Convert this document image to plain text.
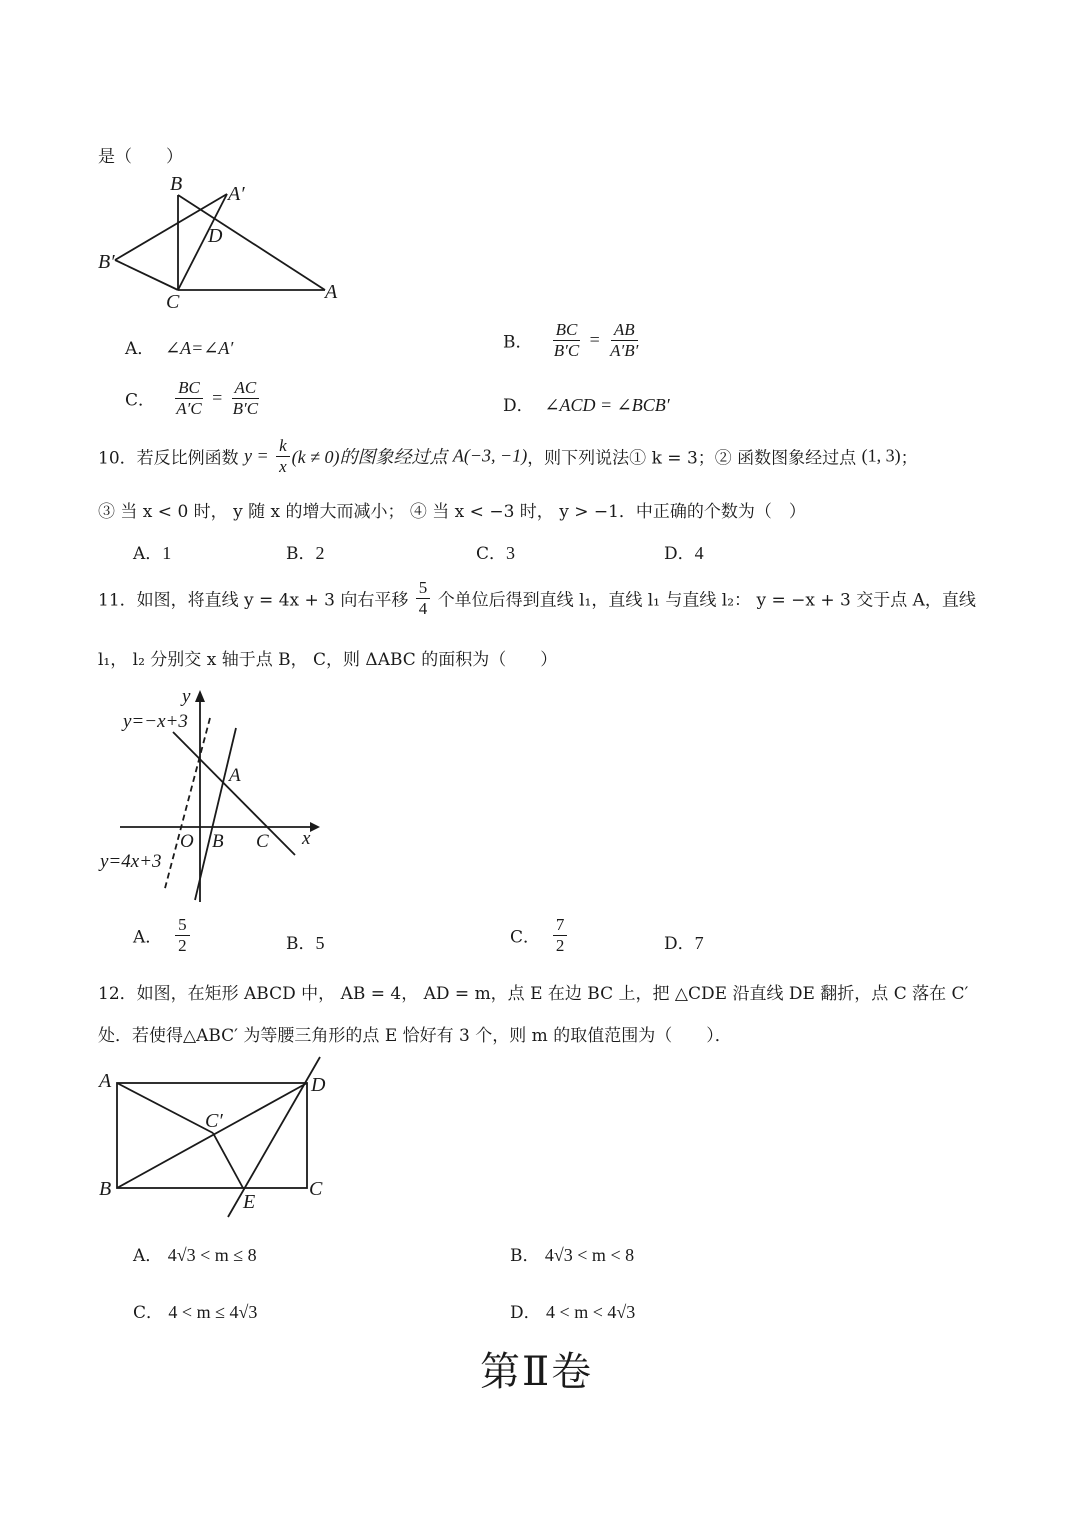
是（　　）
B A′
D
B′
C	A
A． ∠A=∠A′	B． $\frac{BC}{B'C} = \frac{AB}{A'B'}$
C． $\frac{BC}{A'C} = \frac{AC}{B'C}$	D． ∠ACD = ∠BCB′
10．若反比例函数 $y = \frac{k}{x} (k \ne 0)$的图象经过点 A(−3, −1)，则下列说法① k = 3；② 函数图象经过点 (1, 3)；
③ 当 x < 0 时， y 随 x 的增大而减小； ④ 当 x < −3 时， y > −1．中正确的个数为（　）
A．1	B．2	C．3	D．4
11．如图，将直线 y = 4x + 3 向右平移 $\frac{5}{4}$ 个单位后得到直线 l₁，直线 l₁ 与直线 l₂： y = −x + 3 交于点 A，直线
l₁， l₂ 分别交 x 轴于点 B， C，则 ΔABC 的面积为（　　）
y
x
O
A
B C
y=−x+3
y=4x+3
A． $\frac{5}{2}$	B．5	C． $\frac{7}{2}$	D．7
12．如图，在矩形 ABCD 中， AB = 4， AD = m，点 E 在边 BC 上，把 △CDE 沿直线 DE 翻折，点 C 落在 C′
处．若使得△ABC′ 为等腰三角形的点 E 恰好有 3 个，则 m 的取值范围为（　　）．
A	D
C′
B
E
C
A． 4√3 < m ≤ 8	B． 4√3 < m < 8
C． 4 < m ≤ 4√3	D． 4 < m < 4√3
第Ⅱ卷
